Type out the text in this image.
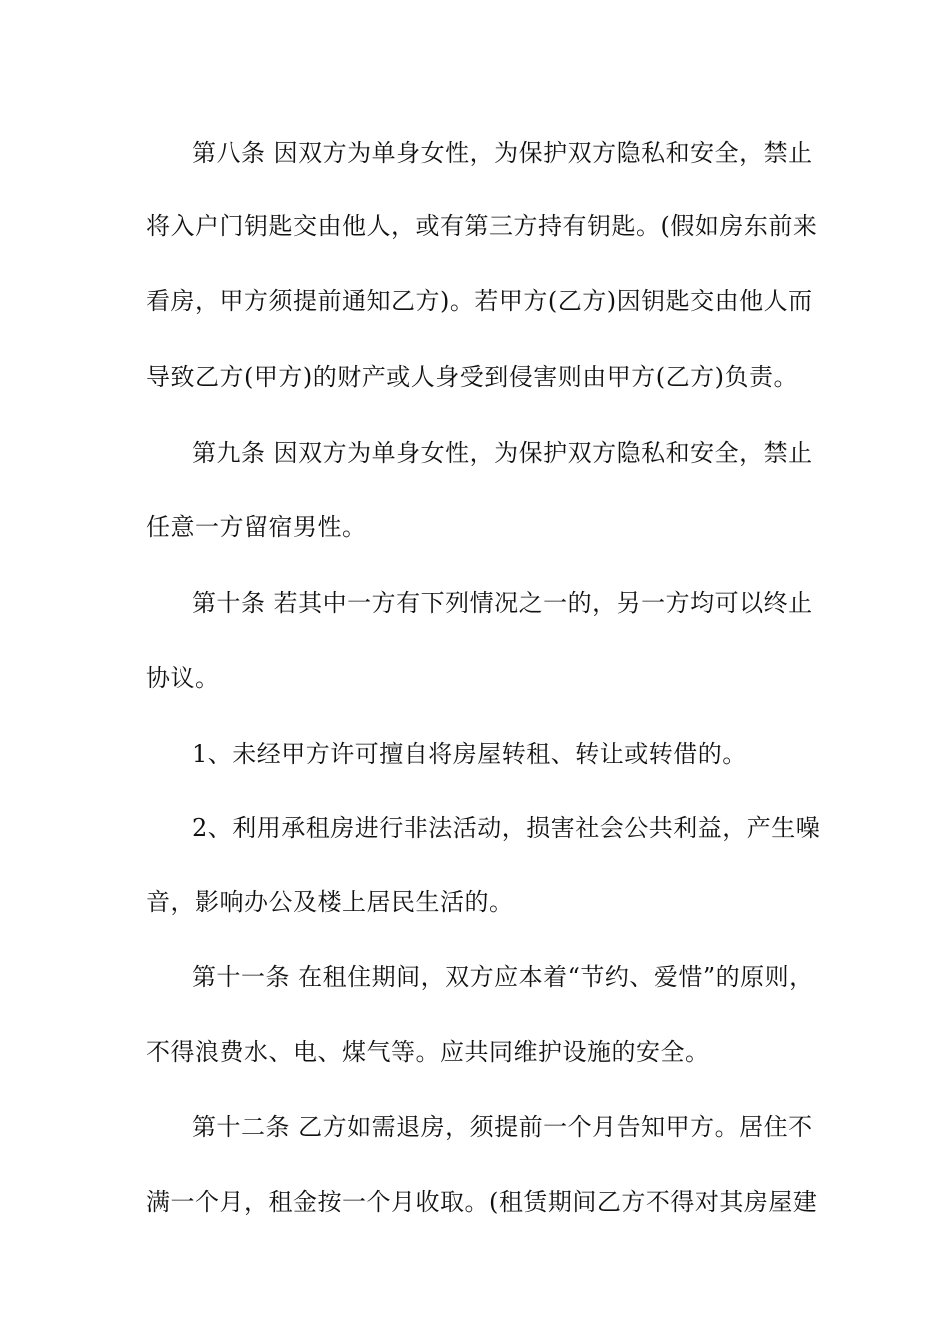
第八条 因双方为单身女性，为保护双方隐私和安全，禁止
将入户门钥匙交由他人，或有第三方持有钥匙。(假如房东前来
看房，甲方须提前通知乙方)。若甲方(乙方)因钥匙交由他人而
导致乙方(甲方)的财产或人身受到侵害则由甲方(乙方)负责。
第九条 因双方为单身女性，为保护双方隐私和安全，禁止
任意一方留宿男性。
第十条 若其中一方有下列情况之一的，另一方均可以终止
协议。
1、未经甲方许可擅自将房屋转租、转让或转借的。
2、利用承租房进行非法活动，损害社会公共利益，产生噪
音，影响办公及楼上居民生活的。
第十一条 在租住期间，双方应本着“节约、爱惜”的原则，
不得浪费水、电、煤气等。应共同维护设施的安全。
第十二条 乙方如需退房，须提前一个月告知甲方。居住不
满一个月，租金按一个月收取。(租赁期间乙方不得对其房屋建
